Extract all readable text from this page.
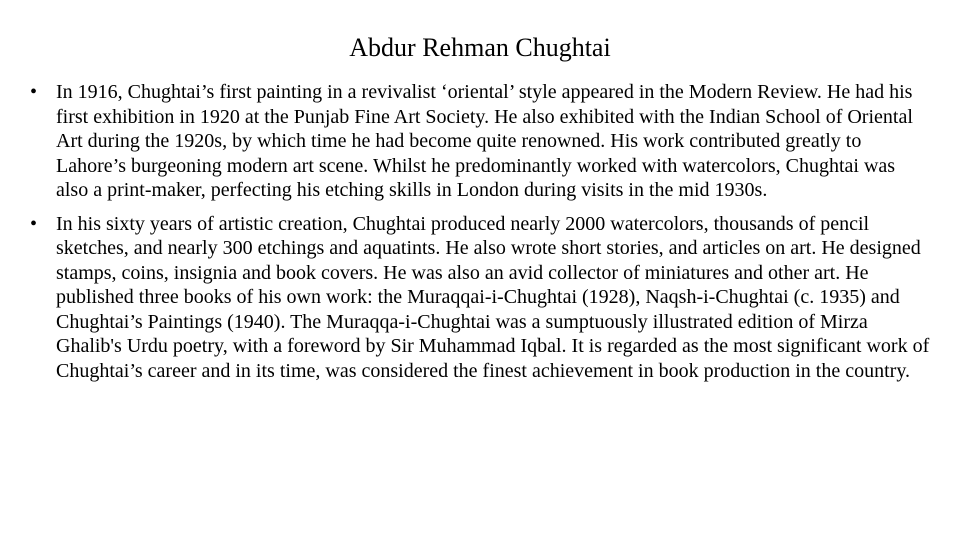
Abdur Rehman Chughtai
• In 1916, Chughtai’s first painting in a revivalist ‘oriental’ style appeared in the Modern Review. He had his first exhibition in 1920 at the Punjab Fine Art Society. He also exhibited with the Indian School of Oriental Art during the 1920s, by which time he had become quite renowned. His work contributed greatly to Lahore’s burgeoning modern art scene. Whilst he predominantly worked with watercolors, Chughtai was also a print-maker, perfecting his etching skills in London during visits in the mid 1930s.
• In his sixty years of artistic creation, Chughtai produced nearly 2000 watercolors, thousands of pencil sketches, and nearly 300 etchings and aquatints. He also wrote short stories, and articles on art. He designed stamps, coins, insignia and book covers. He was also an avid collector of miniatures and other art. He published three books of his own work: the Muraqqai-i-Chughtai (1928), Naqsh-i-Chughtai (c. 1935) and Chughtai’s Paintings (1940). The Muraqqa-i-Chughtai was a sumptuously illustrated edition of Mirza Ghalib's Urdu poetry, with a foreword by Sir Muhammad Iqbal. It is regarded as the most significant work of Chughtai’s career and in its time, was considered the finest achievement in book production in the country.
